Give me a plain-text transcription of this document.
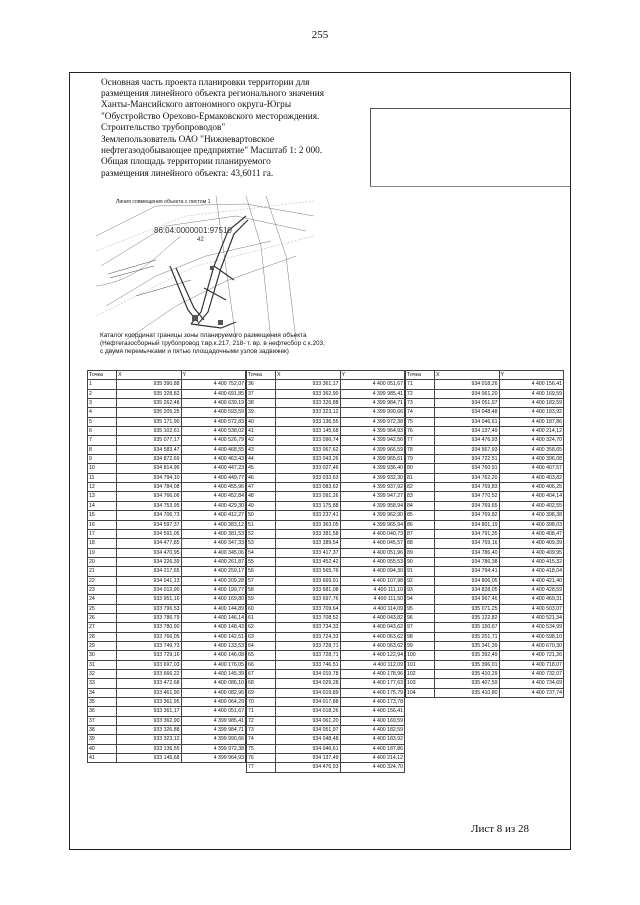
255
Основная часть проекта планировки территории для
размещения линейного объекта регионального значения
Ханты-Мансийского автономного округа-Югры
"Обустройство Орехово-Ермаковского месторождения.
Строительство трубопроводов"
Землепользователь ОАО "Нижневартовское
нефтегазодобывающее предприятие" Масштаб 1: 2 000.
Общая площадь территории планируемого
размещения линейного объекта: 43,6011 га.
Линия совмещения объекта с листом 1
86:04:0000001:97510
42
Каталог координат границы зоны планируемого размещения объекта
(Нефтегазосборный трубопровод т.вр.к.217, 218- т. вр. в нефтесбор с к.203,
с двумя перемычками и пятью площадочными узлов задвижек)
Точка	X	Y
1	935 390,88	4 400 752,07
2	935 328,82	4 400 691,85
3	935 262,48	4 400 639,19
4	935 205,25	4 400 593,59
5	935 171,90	4 400 572,83
6	935 102,61	4 400 538,02
7	935 077,17	4 400 526,79
8	934 583,47	4 400 468,55
9	934 872,69	4 400 463,43
10	934 814,96	4 400 447,23
11	934 794,10	4 400 449,77
12	934 784,08	4 400 455,96
13	934 766,06	4 400 452,84
14	934 753,95	4 400 429,30
15	934 706,73	4 400 412,27
16	934 597,37	4 400 383,12
17	934 591,05	4 400 381,53
18	934 477,85	4 400 347,33
19	934 470,95	4 400 345,06
20	934 226,39	4 400 261,87
21	934 217,65	4 400 259,17
22	934 041,13	4 400 209,28
23	934 012,90	4 400 199,77
24	933 951,16	4 400 169,80
25	933 796,53	4 400 144,89
26	933 786,79	4 400 146,14
27	933 780,90	4 400 148,43
28	933 766,05	4 400 142,51
29	933 749,73	4 400 133,53
30	933 729,16	4 400 146,08
31	933 697,03	4 400 176,05
32	933 666,22	4 400 145,39
33	933 472,68	4 400 086,10
34	933 461,90	4 400 082,96
35	933 361,95	4 400 064,29
36	933 361,17	4 400 051,67
37	933 362,90	4 399 985,41
38	933 326,88	4 399 984,71
39	933 323,12	4 399 990,66
40	933 136,55	4 399 972,38
41	933 145,68	4 399 964,93
Точка	X	Y
36	933 361,17	4 400 051,67
37	933 362,90	4 399 985,41
38	933 326,88	4 399 984,71
39	933 323,12	4 399 990,66
40	933 136,55	4 399 972,38
41	933 145,68	4 399 964,93
42	933 096,74	4 399 942,56
43	933 067,62	4 399 966,59
44	933 043,26	4 399 965,61
45	933 027,46	4 399 936,40
46	933 033,63	4 399 932,30
47	933 083,62	4 399 937,92
48	933 091,26	4 399 947,27
49	933 175,88	4 399 958,94
50	933 237,41	4 399 962,90
51	933 363,05	4 399 965,94
52	933 381,58	4 400 040,73
53	933 389,54	4 400 045,57
54	933 417,37	4 400 051,96
55	933 452,42	4 400 055,53
56	933 565,76	4 400 094,30
57	933 669,91	4 400 107,98
58	933 681,08	4 400 111,10
59	933 697,76	4 400 111,50
60	933 709,64	4 400 114,09
61	933 708,52	4 400 043,82
62	933 734,33	4 400 043,62
63	933 724,33	4 400 063,62
64	933 728,71	4 400 063,62
65	933 728,71	4 400 122,94
66	933 746,51	4 400 112,09
67	934 019,78	4 400 178,96
68	934 029,28	4 400 177,63
69	934 019,89	4 400 175,79
70	934 017,88	4 400 173,78
71	934 018,26	4 400 156,41
72	934 061,20	4 400 169,59
73	934 051,97	4 400 182,59
74	934 048,48	4 400 183,92
75	934 046,61	4 400 187,86
76	934 137,49	4 400 214,12
77	934 476,93	4 400 324,70
Точка	X	Y
71	934 018,26	4 400 156,41
72	934 061,20	4 400 169,59
73	934 051,97	4 400 182,59
74	934 048,48	4 400 183,92
75	934 046,61	4 400 187,86
76	934 137,49	4 400 214,12
77	934 476,93	4 400 324,70
78	934 567,93	4 400 358,65
79	934 722,51	4 400 396,08
80	934 760,91	4 400 407,57
81	934 762,20	4 400 403,82
82	934 769,83	4 400 406,25
83	934 770,52	4 400 404,14
84	934 769,65	4 400 402,55
85	934 769,82	4 400 398,38
86	934 801,19	4 400 398,03
87	934 791,35	4 400 408,47
88	934 769,16	4 400 409,39
89	934 786,40	4 400 409,95
90	934 786,38	4 400 415,32
91	934 794,41	4 400 418,04
92	934 806,05	4 400 421,40
93	934 828,05	4 400 428,59
94	934 967,46	4 400 469,31
95	935 071,25	4 400 503,07
96	935 122,82	4 400 521,34
97	935 150,67	4 400 534,99
98	935 251,71	4 400 598,10
99	935 341,39	4 400 670,30
100	935 392,49	4 400 721,26
101	935 396,01	4 400 718,07
102	935 410,29	4 400 732,07
103	935 407,59	4 400 734,69
104	935 410,80	4 400 737,74
Лист 8 из 28
